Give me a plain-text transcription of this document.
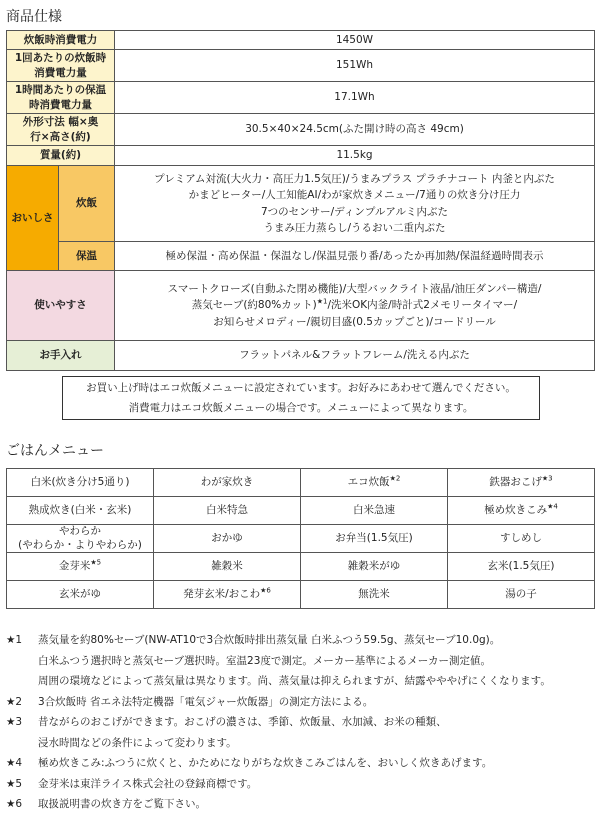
商品仕様
炊飯時消費電力		1450W
1回あたりの炊飯時
消費電力量		151Wh
1時間あたりの保温
時消費電力量		17.1Wh
外形寸法 幅×奥
行×高さ(約)		30.5×40×24.5cm(ふた開け時の高さ 49cm)
質量(約)		11.5kg
おいしさ	炊飯	プレミアム対流(大火力・高圧力1.5気圧)/うまみプラス プラチナコート 内釜と内ぶた
かまどヒーター/人工知能AI/わが家炊きメニュー/7通りの炊き分け圧力
7つのセンサー/ディンプルアルミ内ぶた
うまみ圧力蒸らし/うるおい二重内ぶた

	保温	極め保温・高め保温・保温なし/保温見張り番/あったか再加熱/保温経過時間表示
使いやすさ		スマートクローズ(自動ふた閉め機能)/大型バックライト液晶/油圧ダンパー構造/
蒸気セーブ(約80%カット)$^{★1}$/洗米OK内釜/時計式2メモリータイマー/
お知らせメロディー/親切目盛(0.5カップごと)/コードリール

お手入れ		フラットパネル&フラットフレーム/洗える内ぶた
お買い上げ時はエコ炊飯メニューに設定されています。お好みにあわせて選んでください。
消費電力はエコ炊飯メニューの場合です。メニューによって異なります。
ごはんメニュー
白米(炊き分け5通り)	わが家炊き	エコ炊飯$^{★2}$	鉄器おこげ$^{★3}$
熟成炊き(白米・玄米)	白米特急	白米急速	極め炊きこみ$^{★4}$
やわらか
(やわらか・よりやわらか)	おかゆ	お弁当(1.5気圧)	すしめし
金芽米$^{★5}$	雑穀米	雑穀米がゆ	玄米(1.5気圧)
玄米がゆ	発芽玄米/おこわ$^{★6}$	無洗米	湯の子
★1 蒸気量を約80%セーブ(NW-AT10で3合炊飯時排出蒸気量 白米ふつう59.5g、蒸気セーブ10.0g)。
白米ふつう選択時と蒸気セーブ選択時。室温23度で測定。メーカー基準によるメーカー測定値。
周囲の環境などによって蒸気量は異なります。尚、蒸気量は抑えられますが、結露やややげにくくなります。
★2 3合炊飯時 省エネ法特定機器「電気ジャー炊飯器」の測定方法による。
★3 昔ながらのおこげができます。おこげの濃さは、季節、炊飯量、水加減、お米の種類、
浸水時間などの条件によって変わります。
★4 極め炊きこみ:ふつうに炊くと、かためになりがちな炊きこみごはんを、おいしく炊きあげます。
★5 金芽米は東洋ライス株式会社の登録商標です。
★6 取扱説明書の炊き方をご覧下さい。
